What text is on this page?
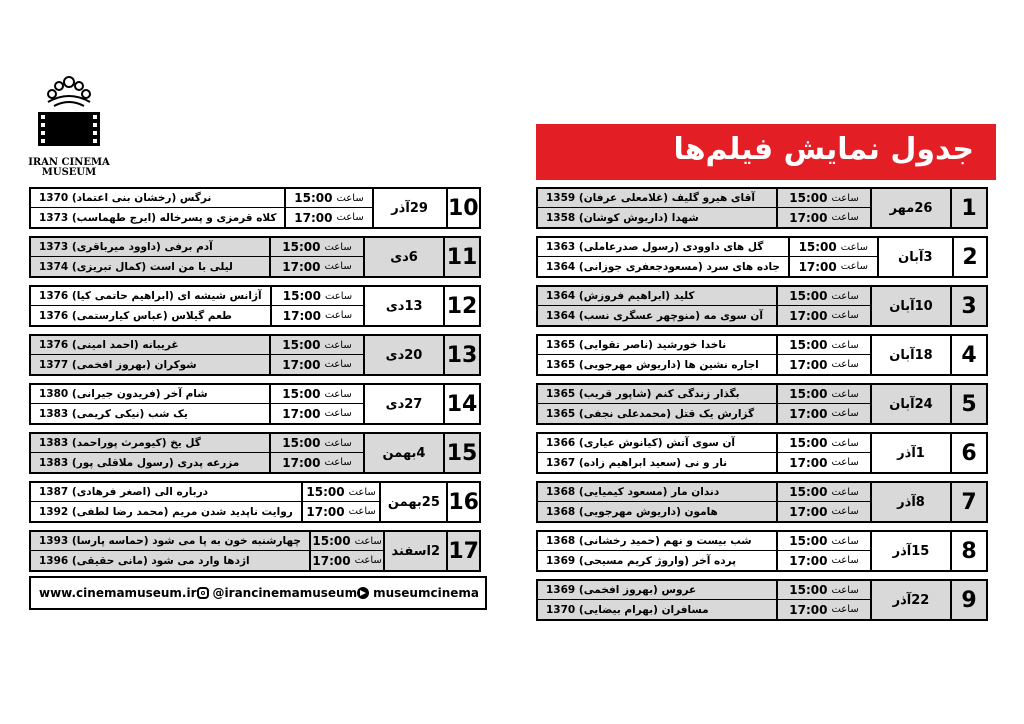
IRAN CINEMA
MUSEUM
جدول نمایش فیلم‌ها
1
26مهر
15:00 ساعت
17:00 ساعت
آقای هیرو گلیف (غلامعلی عرفان) 1359
شهدا (داریوش کوشان) 1358
2
3آبان
15:00 ساعت
17:00 ساعت
گل های داوودی (رسول صدرعاملی) 1363
جاده های سرد (مسعودجعفری جوزانی) 1364
3
10آبان
15:00 ساعت
17:00 ساعت
کلید (ابراهیم فروزش) 1364
آن سوی مه (منوچهر عسگری نسب) 1364
4
18آبان
15:00 ساعت
17:00 ساعت
ناخدا خورشید (ناصر تقوایی) 1365
اجاره نشین ها (داریوش مهرجویی) 1365
5
24آبان
15:00 ساعت
17:00 ساعت
بگذار زندگی کنم (شاپور قریب) 1365
گزارش یک قتل (محمدعلی نجفی) 1365
6
1آذر
15:00 ساعت
17:00 ساعت
آن سوی آتش (کیانوش عیاری) 1366
نار و نی (سعید ابراهیم زاده) 1367
7
8آذر
15:00 ساعت
17:00 ساعت
دندان مار (مسعود کیمیایی) 1368
هامون (داریوش مهرجویی) 1368
8
15آذر
15:00 ساعت
17:00 ساعت
شب بیست و نهم (حمید رخشانی) 1368
پرده آخر (واروژ کریم مسیحی) 1369
9
22آذر
15:00 ساعت
17:00 ساعت
عروس (بهروز افخمی) 1369
مسافران (بهرام بیضایی) 1370
10
29آذر
15:00 ساعت
17:00 ساعت
نرگس (رخشان بنی اعتماد) 1370
کلاه قرمزی و پسرخاله (ایرج طهماسب) 1373
11
6دی
15:00 ساعت
17:00 ساعت
آدم برفی (داوود میرباقری) 1373
لیلی با من است (کمال تبریزی) 1374
12
13دی
15:00 ساعت
17:00 ساعت
آژانس شیشه ای (ابراهیم حاتمی کیا) 1376
طعم گیلاس (عباس کیارستمی) 1376
13
20دی
15:00 ساعت
17:00 ساعت
غریبانه (احمد امینی) 1376
شوکران (بهروز افخمی) 1377
14
27دی
15:00 ساعت
17:00 ساعت
شام آخر (فریدون جیرانی) 1380
یک شب (نیکی کریمی) 1383
15
4بهمن
15:00 ساعت
17:00 ساعت
گل یخ (کیومرث پوراحمد) 1383
مزرعه پدری (رسول ملاقلی پور) 1383
16
25بهمن
15:00 ساعت
17:00 ساعت
درباره الی (اصغر فرهادی) 1387
روایت ناپدید شدن مریم (محمد رضا لطفی) 1392
17
2اسفند
15:00 ساعت
17:00 ساعت
چهارشنبه خون به پا می شود (حماسه پارسا) 1393
اژدها وارد می شود (مانی حقیقی) 1396
www.cinemamuseum.ir @irancinemamuseum museumcinema
